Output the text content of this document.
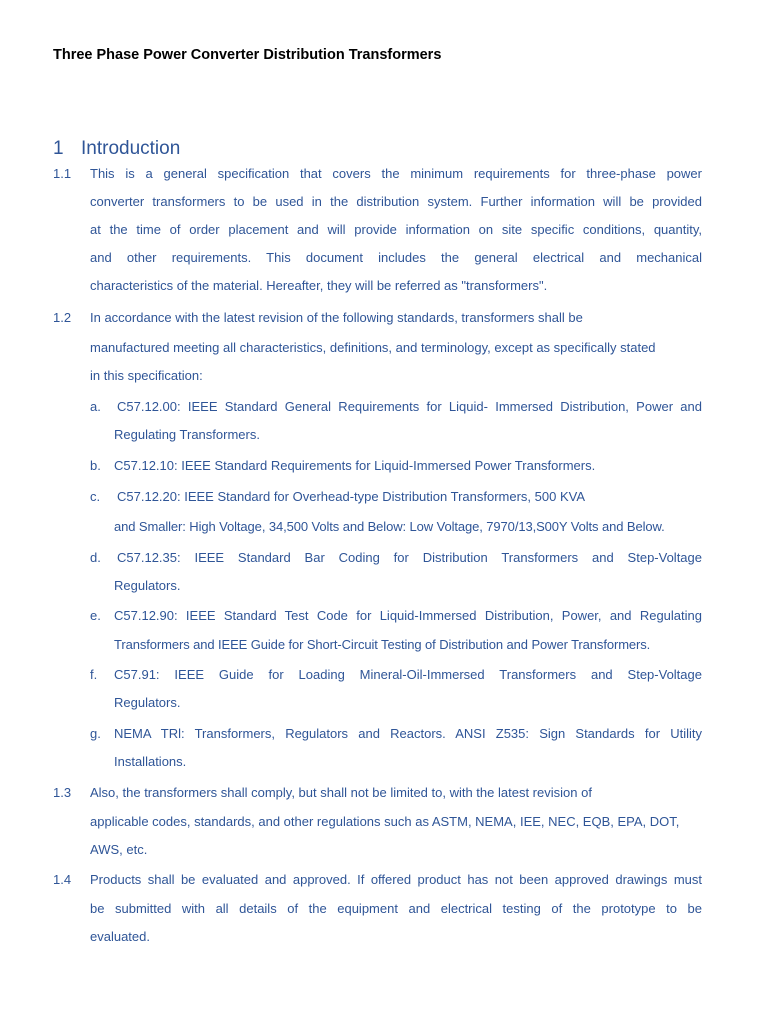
Three Phase Power Converter Distribution Transformers
1 Introduction
1.1 This is a general specification that covers the minimum requirements for three-phase power
converter transformers to be used in the distribution system. Further information will be provided
at the time of order placement and will provide information on site specific conditions, quantity,
and other requirements. This document includes the general electrical and mechanical
characteristics of the material. Hereafter, they will be referred as "transformers".
1.2 In accordance with the latest revision of the following standards, transformers shall be
manufactured meeting all characteristics, definitions, and terminology, except as specifically stated
in this specification:
a. C57.12.00: IEEE Standard General Requirements for Liquid- Immersed Distribution, Power and
Regulating Transformers.
b. C57.12.10: IEEE Standard Requirements for Liquid-Immersed Power Transformers.
c. C57.12.20: IEEE Standard for Overhead-type Distribution Transformers, 500 KVA
and Smaller: High Voltage, 34,500 Volts and Below: Low Voltage, 7970/13,S00Y Volts and Below.
d. C57.12.35: IEEE Standard Bar Coding for Distribution Transformers and Step-Voltage
Regulators.
e. C57.12.90: IEEE Standard Test Code for Liquid-Immersed Distribution, Power, and Regulating
Transformers and IEEE Guide for Short-Circuit Testing of Distribution and Power Transformers.
f. C57.91: IEEE Guide for Loading Mineral-Oil-Immersed Transformers and Step-Voltage
Regulators.
g. NEMA TRl: Transformers, Regulators and Reactors. ANSI Z535: Sign Standards for Utility
Installations.
1.3 Also, the transformers shall comply, but shall not be limited to, with the latest revision of
applicable codes, standards, and other regulations such as ASTM, NEMA, IEE, NEC, EQB, EPA, DOT,
AWS, etc.
1.4 Products shall be evaluated and approved. If offered product has not been approved drawings must
be submitted with all details of the equipment and electrical testing of the prototype to be
evaluated.
